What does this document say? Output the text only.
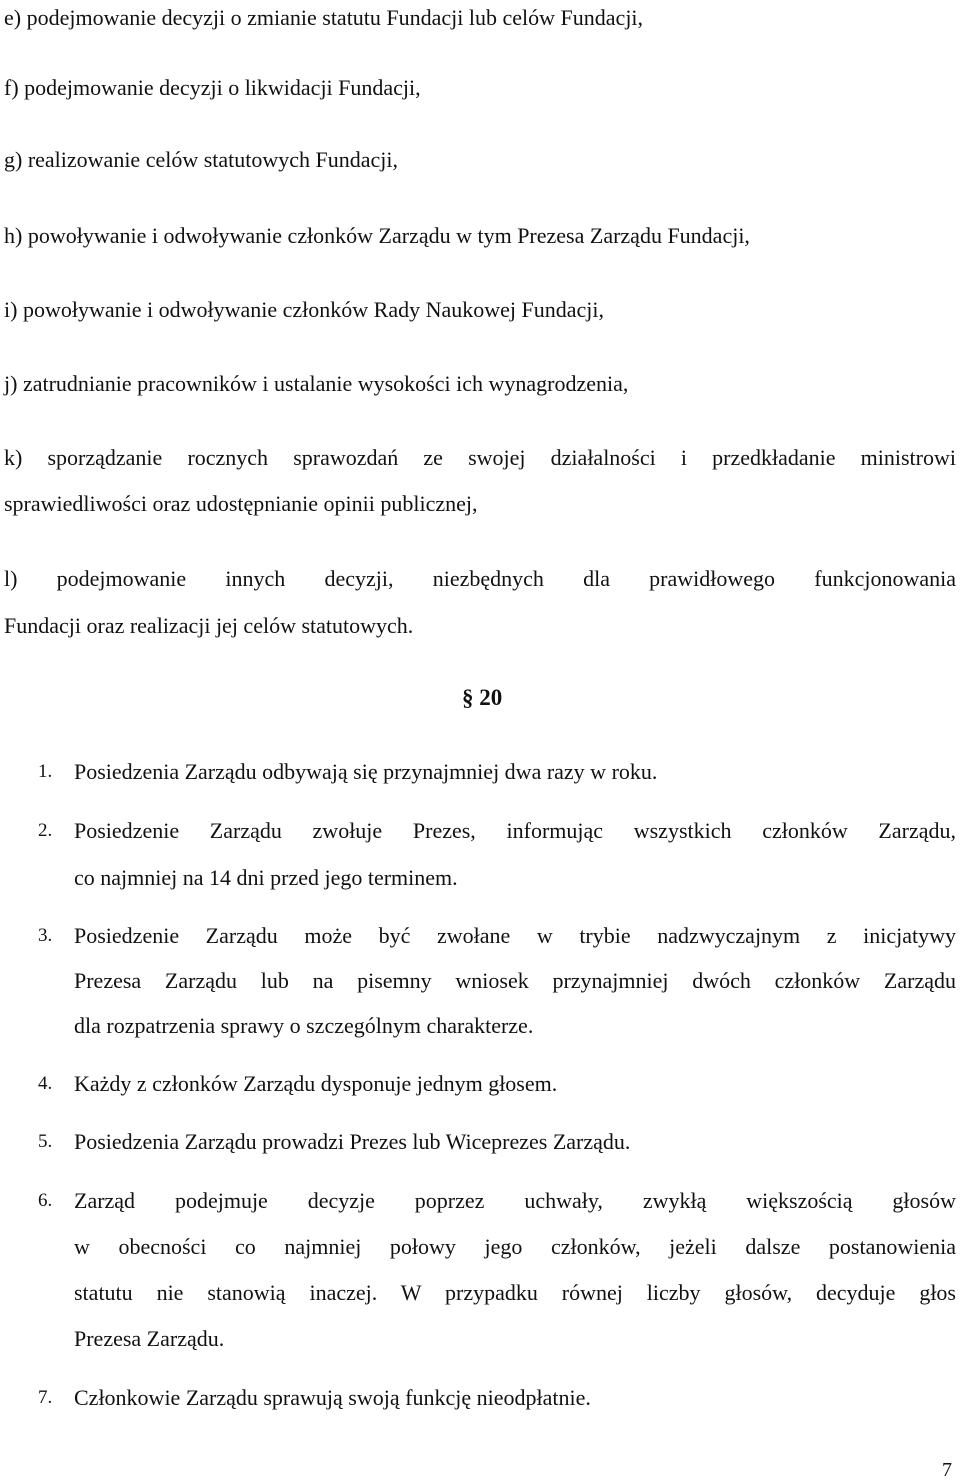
e) podejmowanie decyzji o zmianie statutu Fundacji lub celów Fundacji,
f) podejmowanie decyzji o likwidacji Fundacji,
g) realizowanie celów statutowych Fundacji,
h) powoływanie i odwoływanie członków Zarządu w tym Prezesa Zarządu Fundacji,
i) powoływanie i odwoływanie członków Rady Naukowej Fundacji,
j) zatrudnianie pracowników i ustalanie wysokości ich wynagrodzenia,
k) sporządzanie rocznych sprawozdań ze swojej działalności i przedkładanie ministrowi
sprawiedliwości oraz udostępnianie opinii publicznej,
l) podejmowanie innych decyzji, niezbędnych dla prawidłowego funkcjonowania
Fundacji oraz realizacji jej celów statutowych.
§ 20
1. Posiedzenia Zarządu odbywają się przynajmniej dwa razy w roku.
2. Posiedzenie Zarządu zwołuje Prezes, informując wszystkich członków Zarządu,
co najmniej na 14 dni przed jego terminem.
3. Posiedzenie Zarządu może być zwołane w trybie nadzwyczajnym z inicjatywy
Prezesa Zarządu lub na pisemny wniosek przynajmniej dwóch członków Zarządu
dla rozpatrzenia sprawy o szczególnym charakterze.
4. Każdy z członków Zarządu dysponuje jednym głosem.
5. Posiedzenia Zarządu prowadzi Prezes lub Wiceprezes Zarządu.
6. Zarząd podejmuje decyzje poprzez uchwały, zwykłą większością głosów
w obecności co najmniej połowy jego członków, jeżeli dalsze postanowienia
statutu nie stanowią inaczej. W przypadku równej liczby głosów, decyduje głos
Prezesa Zarządu.
7. Członkowie Zarządu sprawują swoją funkcję nieodpłatnie.
7
